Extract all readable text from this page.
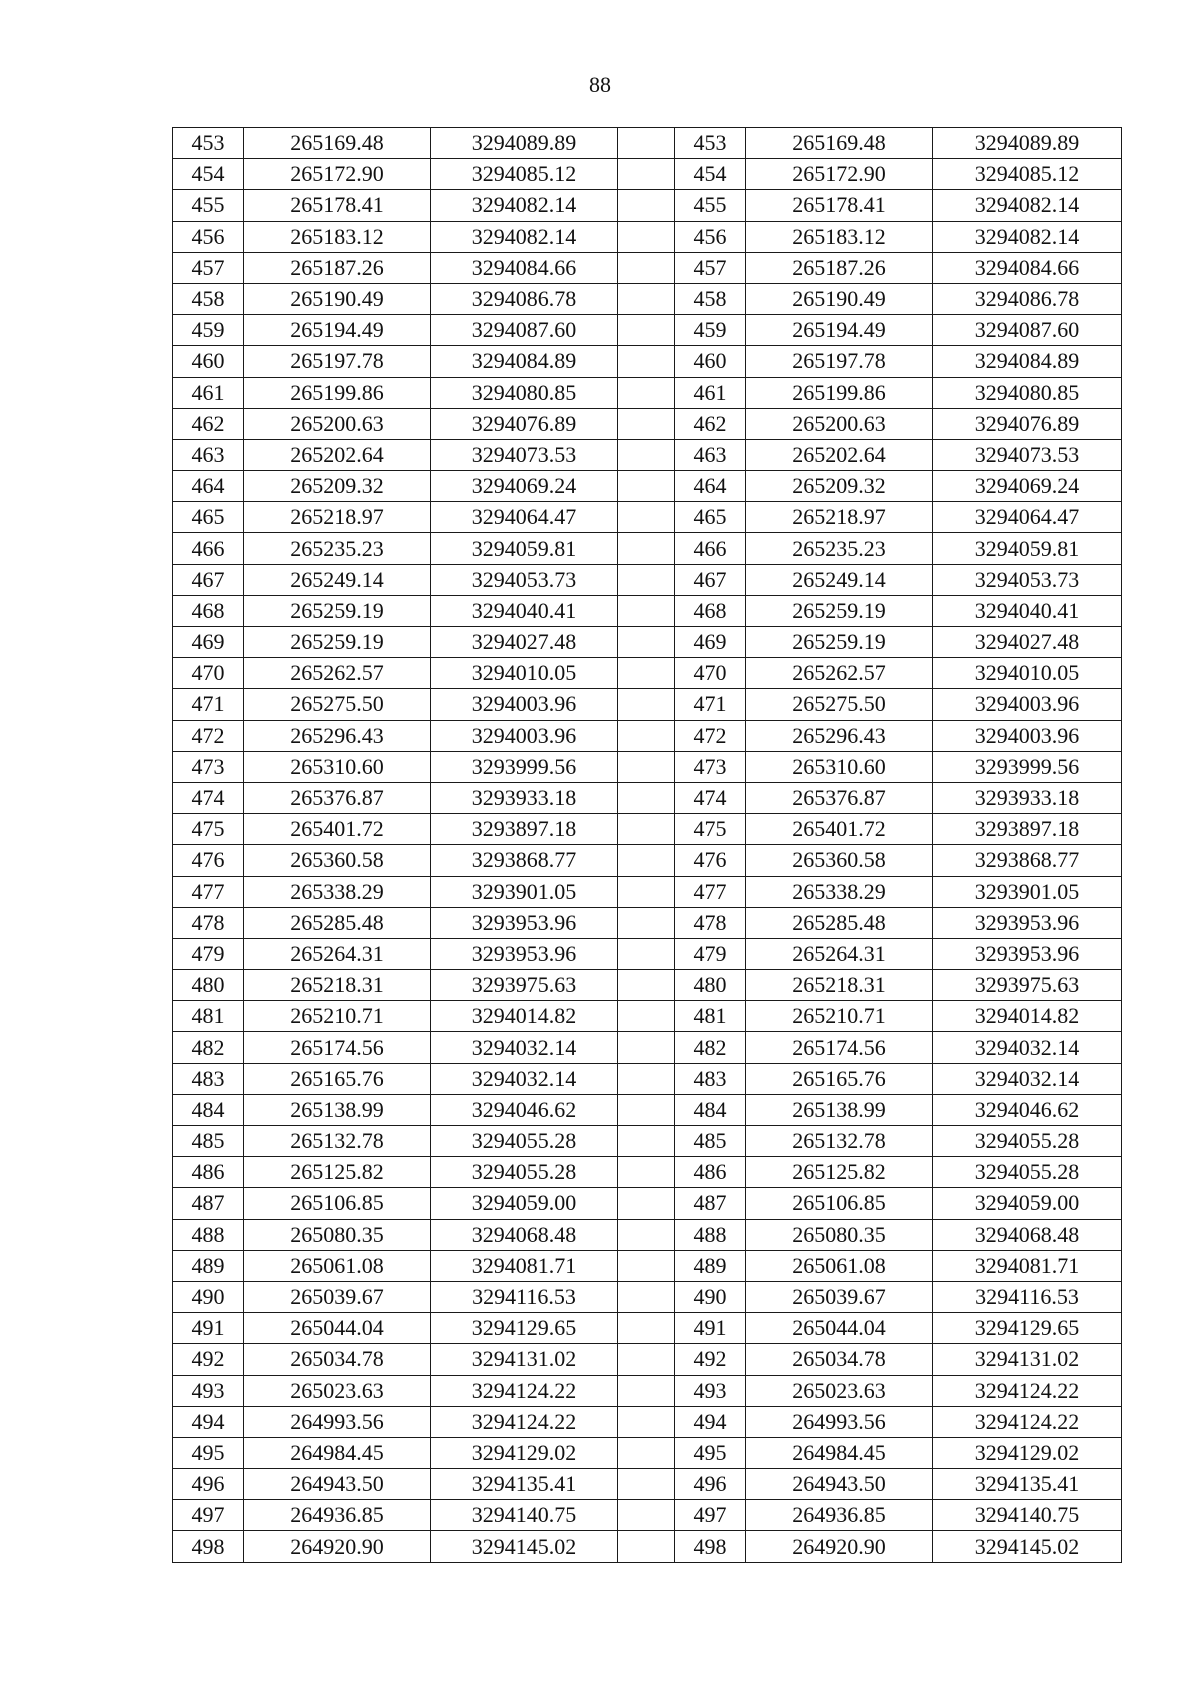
88
453	265169.48	3294089.89		453	265169.48	3294089.89
454	265172.90	3294085.12		454	265172.90	3294085.12
455	265178.41	3294082.14		455	265178.41	3294082.14
456	265183.12	3294082.14		456	265183.12	3294082.14
457	265187.26	3294084.66		457	265187.26	3294084.66
458	265190.49	3294086.78		458	265190.49	3294086.78
459	265194.49	3294087.60		459	265194.49	3294087.60
460	265197.78	3294084.89		460	265197.78	3294084.89
461	265199.86	3294080.85		461	265199.86	3294080.85
462	265200.63	3294076.89		462	265200.63	3294076.89
463	265202.64	3294073.53		463	265202.64	3294073.53
464	265209.32	3294069.24		464	265209.32	3294069.24
465	265218.97	3294064.47		465	265218.97	3294064.47
466	265235.23	3294059.81		466	265235.23	3294059.81
467	265249.14	3294053.73		467	265249.14	3294053.73
468	265259.19	3294040.41		468	265259.19	3294040.41
469	265259.19	3294027.48		469	265259.19	3294027.48
470	265262.57	3294010.05		470	265262.57	3294010.05
471	265275.50	3294003.96		471	265275.50	3294003.96
472	265296.43	3294003.96		472	265296.43	3294003.96
473	265310.60	3293999.56		473	265310.60	3293999.56
474	265376.87	3293933.18		474	265376.87	3293933.18
475	265401.72	3293897.18		475	265401.72	3293897.18
476	265360.58	3293868.77		476	265360.58	3293868.77
477	265338.29	3293901.05		477	265338.29	3293901.05
478	265285.48	3293953.96		478	265285.48	3293953.96
479	265264.31	3293953.96		479	265264.31	3293953.96
480	265218.31	3293975.63		480	265218.31	3293975.63
481	265210.71	3294014.82		481	265210.71	3294014.82
482	265174.56	3294032.14		482	265174.56	3294032.14
483	265165.76	3294032.14		483	265165.76	3294032.14
484	265138.99	3294046.62		484	265138.99	3294046.62
485	265132.78	3294055.28		485	265132.78	3294055.28
486	265125.82	3294055.28		486	265125.82	3294055.28
487	265106.85	3294059.00		487	265106.85	3294059.00
488	265080.35	3294068.48		488	265080.35	3294068.48
489	265061.08	3294081.71		489	265061.08	3294081.71
490	265039.67	3294116.53		490	265039.67	3294116.53
491	265044.04	3294129.65		491	265044.04	3294129.65
492	265034.78	3294131.02		492	265034.78	3294131.02
493	265023.63	3294124.22		493	265023.63	3294124.22
494	264993.56	3294124.22		494	264993.56	3294124.22
495	264984.45	3294129.02		495	264984.45	3294129.02
496	264943.50	3294135.41		496	264943.50	3294135.41
497	264936.85	3294140.75		497	264936.85	3294140.75
498	264920.90	3294145.02		498	264920.90	3294145.02
